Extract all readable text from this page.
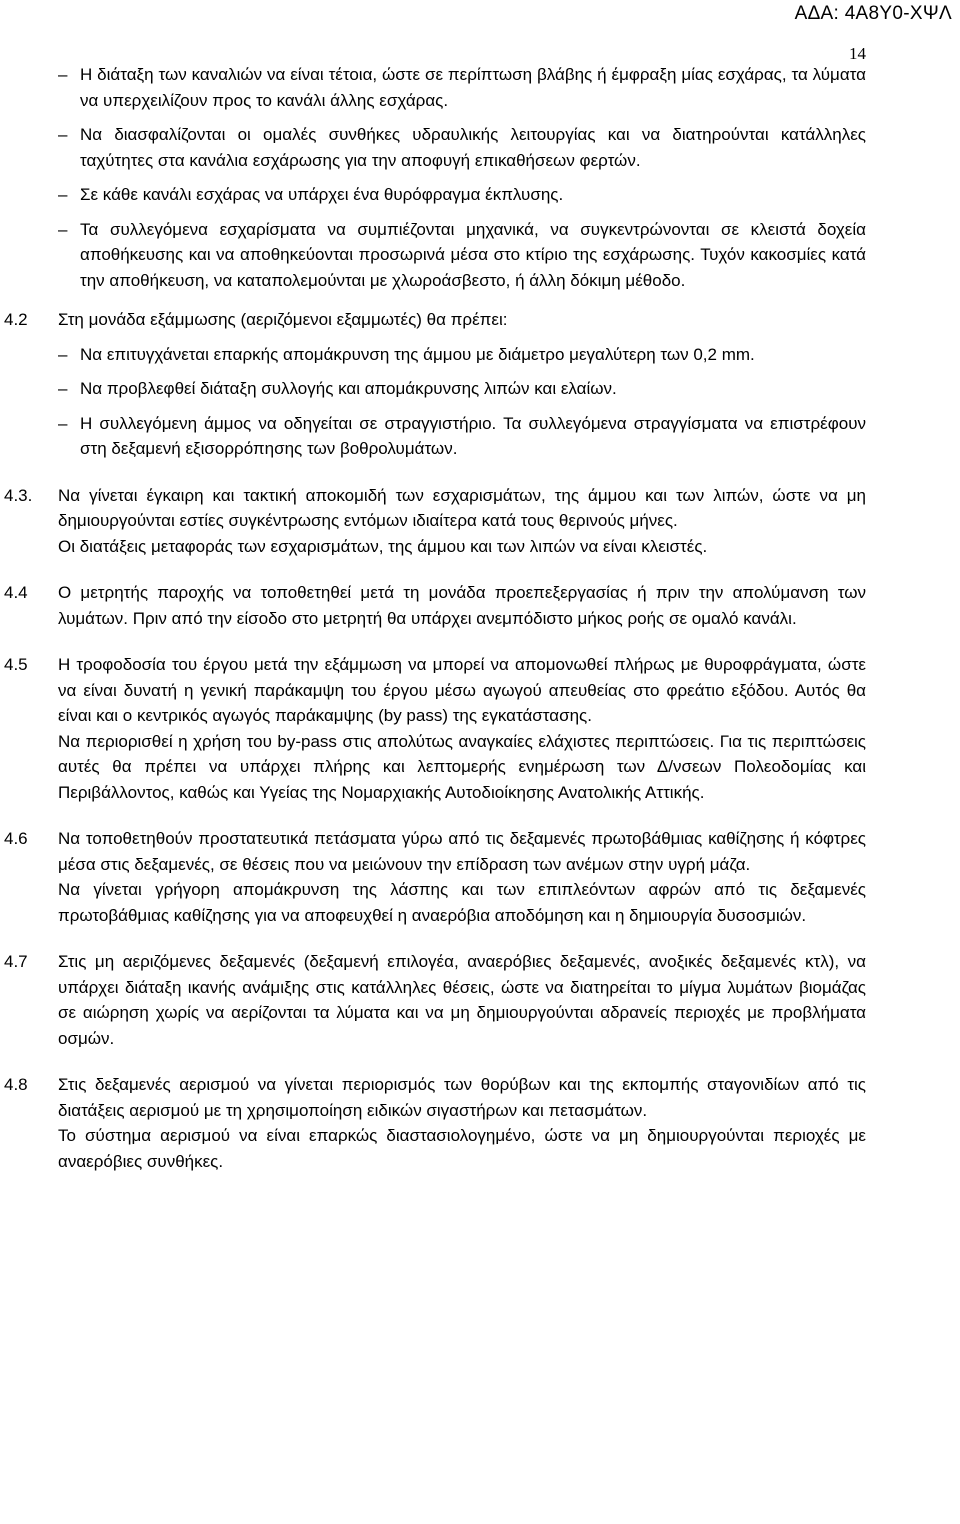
ΑΔΑ: 4Α8Υ0-ΧΨΛ
14
– Η διάταξη των καναλιών να είναι τέτοια, ώστε σε περίπτωση βλάβης ή έμφραξη μίας εσχάρας, τα λύματα να υπερχειλίζουν προς το κανάλι άλλης εσχάρας.
– Να διασφαλίζονται οι ομαλές συνθήκες υδραυλικής λειτουργίας και να διατηρούνται κατάλληλες ταχύτητες στα κανάλια εσχάρωσης για την αποφυγή επικαθήσεων φερτών.
– Σε κάθε κανάλι εσχάρας να υπάρχει ένα θυρόφραγμα έκπλυσης.
– Τα συλλεγόμενα εσχαρίσματα να συμπιέζονται μηχανικά, να συγκεντρώνονται σε κλειστά δοχεία αποθήκευσης και να αποθηκεύονται προσωρινά μέσα στο κτίριο της εσχάρωσης. Τυχόν κακοσμίες κατά την αποθήκευση, να καταπολεμούνται με χλωροάσβεστο, ή άλλη δόκιμη μέθοδο.
4.2 Στη μονάδα εξάμμωσης (αεριζόμενοι εξαμμωτές) θα πρέπει:

– Να επιτυγχάνεται επαρκής απομάκρυνση της άμμου με διάμετρο μεγαλύτερη των 0,2 mm.
– Να προβλεφθεί διάταξη συλλογής και απομάκρυνσης λιπών και ελαίων.
– Η συλλεγόμενη άμμος να οδηγείται σε στραγγιστήριο. Τα συλλεγόμενα στραγγίσματα να επιστρέφουν στη δεξαμενή εξισορρόπησης των βοθρολυμάτων.
4.3. Να γίνεται έγκαιρη και τακτική αποκομιδή των εσχαρισμάτων, της άμμου και των λιπών, ώστε να μη δημιουργούνται εστίες συγκέντρωσης εντόμων ιδιαίτερα κατά τους θερινούς μήνες.

Οι διατάξεις μεταφοράς των εσχαρισμάτων, της άμμου και των λιπών να είναι κλειστές.

4.4 Ο μετρητής παροχής να τοποθετηθεί μετά τη μονάδα προεπεξεργασίας ή πριν την απολύμανση των λυμάτων. Πριν από την είσοδο στο μετρητή θα υπάρχει ανεμπόδιστο μήκος ροής σε ομαλό κανάλι.

4.5 Η τροφοδοσία του έργου μετά την εξάμμωση να μπορεί να απομονωθεί πλήρως με θυροφράγματα, ώστε να είναι δυνατή η γενική παράκαμψη του έργου μέσω αγωγού απευθείας στο φρεάτιο εξόδου. Αυτός θα είναι και ο κεντρικός αγωγός παράκαμψης (by pass) της εγκατάστασης.

Να περιορισθεί η χρήση του by-pass στις απολύτως αναγκαίες ελάχιστες περιπτώσεις. Για τις περιπτώσεις αυτές θα πρέπει να υπάρχει πλήρης και λεπτομερής ενημέρωση των Δ/νσεων Πολεοδομίας και Περιβάλλοντος, καθώς και Υγείας της Νομαρχιακής Αυτοδιοίκησης Ανατολικής Αττικής.

4.6 Να τοποθετηθούν προστατευτικά πετάσματα γύρω από τις δεξαμενές πρωτοβάθμιας καθίζησης ή κόφτρες μέσα στις δεξαμενές, σε θέσεις που να μειώνουν την επίδραση των ανέμων στην υγρή μάζα.

Να γίνεται γρήγορη απομάκρυνση της λάσπης και των επιπλεόντων αφρών από τις δεξαμενές πρωτοβάθμιας καθίζησης για να αποφευχθεί η αναερόβια αποδόμηση και η δημιουργία δυσοσμιών.

4.7 Στις μη αεριζόμενες δεξαμενές (δεξαμενή επιλογέα, αναερόβιες δεξαμενές, ανοξικές δεξαμενές κτλ), να υπάρχει διάταξη ικανής ανάμιξης στις κατάλληλες θέσεις, ώστε να διατηρείται το μίγμα λυμάτων βιομάζας σε αιώρηση χωρίς να αερίζονται τα λύματα και να μη δημιουργούνται αδρανείς περιοχές με προβλήματα οσμών.

4.8 Στις δεξαμενές αερισμού να γίνεται περιορισμός των θορύβων και της εκπομπής σταγονιδίων από τις διατάξεις αερισμού με τη χρησιμοποίηση ειδικών σιγαστήρων και πετασμάτων.

Το σύστημα αερισμού να είναι επαρκώς διαστασιολογημένο, ώστε να μη δημιουργούνται περιοχές με αναερόβιες συνθήκες.
